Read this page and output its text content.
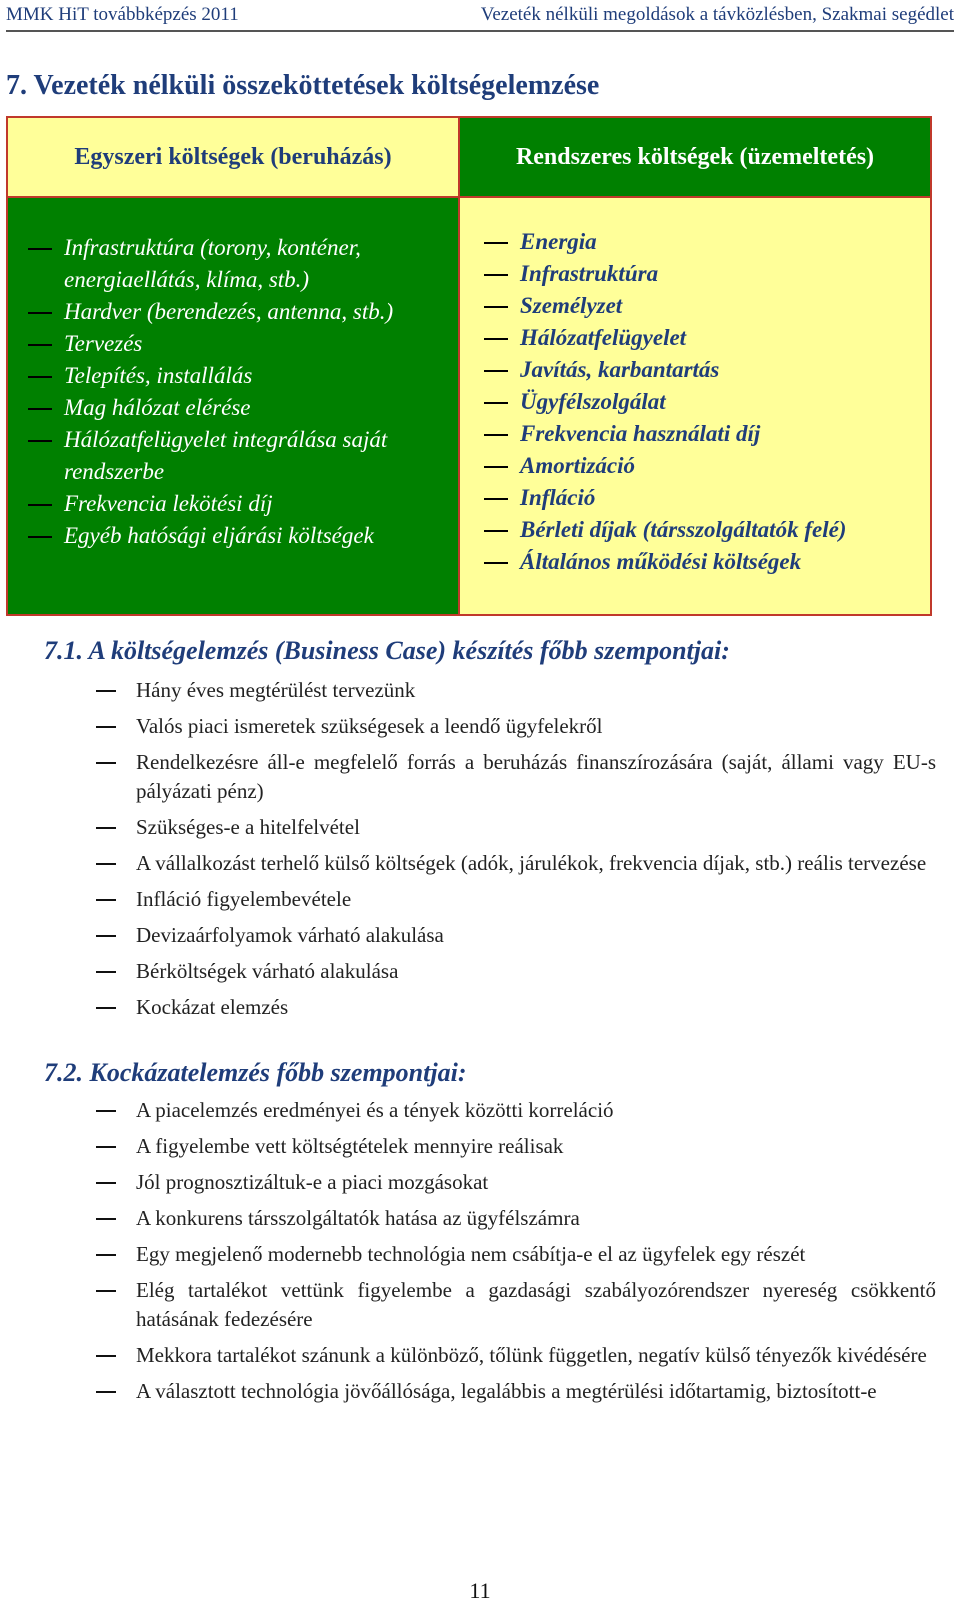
MMK HiT továbbképzés 2011	Vezeték nélküli megoldások a távközlésben, Szakmai segédlet
7. Vezeték nélküli összeköttetések költségelemzése
Egyszeri költségek (beruházás)	Rendszeres költségek (üzemeltetés)
Infrastruktúra (torony, konténer, energiaellátás, klíma, stb.)
Hardver (berendezés, antenna, stb.)
Tervezés
Telepítés, installálás
Mag hálózat elérése
Hálózatfelügyelet integrálása saját rendszerbe
Frekvencia lekötési díj
Egyéb hatósági eljárási költségek
Energia
Infrastruktúra
Személyzet
Hálózatfelügyelet
Javítás, karbantartás
Ügyfélszolgálat
Frekvencia használati díj
Amortizáció
Infláció
Bérleti díjak (társszolgáltatók felé)
Általános működési költségek
7.1. A költségelemzés (Business Case) készítés főbb szempontjai:
Hány éves megtérülést tervezünk
Valós piaci ismeretek szükségesek a leendő ügyfelekről
Rendelkezésre áll-e megfelelő forrás a beruházás finanszírozására (saját, állami vagy EU-s pályázati pénz)
Szükséges-e a hitelfelvétel
A vállalkozást terhelő külső költségek (adók, járulékok, frekvencia díjak, stb.) reális tervezése
Infláció figyelembevétele
Devizaárfolyamok várható alakulása
Bérköltségek várható alakulása
Kockázat elemzés
7.2. Kockázatelemzés főbb szempontjai:
A piacelemzés eredményei és a tények közötti korreláció
A figyelembe vett költségtételek mennyire reálisak
Jól prognosztizáltuk-e a piaci mozgásokat
A konkurens társszolgáltatók hatása az ügyfélszámra
Egy megjelenő modernebb technológia nem csábítja-e el az ügyfelek egy részét
Elég tartalékot vettünk figyelembe a gazdasági szabályozórendszer nyereség csökkentő hatásának fedezésére
Mekkora tartalékot szánunk a különböző, tőlünk független, negatív külső tényezők kivédésére
A választott technológia jövőállósága, legalábbis a megtérülési időtartamig, biztosított-e
11
